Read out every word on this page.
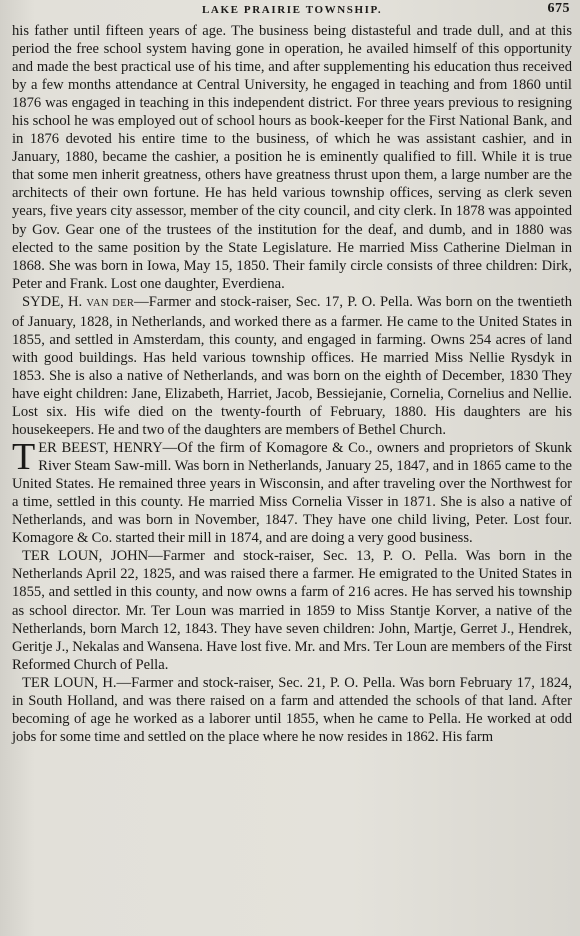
LAKE PRAIRIE TOWNSHIP.	675

his father until fifteen years of age. The business being distasteful and trade dull, and at this period the free school system having gone in operation, he availed himself of this opportunity and made the best practical use of his time, and after supplementing his education thus received by a few months attendance at Central University, he engaged in teaching and from 1860 until 1876 was engaged in teaching in this independent district. For three years previous to resigning his school he was employed out of school hours as book-keeper for the First National Bank, and in 1876 devoted his entire time to the business, of which he was assistant cashier, and in January, 1880, became the cashier, a position he is eminently qualified to fill. While it is true that some men inherit greatness, others have greatness thrust upon them, a large number are the architects of their own fortune. He has held various township offices, serving as clerk seven years, five years city assessor, member of the city council, and city clerk. In 1878 was appointed by Gov. Gear one of the trustees of the institution for the deaf, and dumb, and in 1880 was elected to the same position by the State Legislature. He married Miss Catherine Dielman in 1868. She was born in Iowa, May 15, 1850. Their family circle consists of three children: Dirk, Peter and Frank. Lost one daughter, Everdiena.

SYDE, H. VAN DER—Farmer and stock-raiser, Sec. 17, P. O. Pella. Was born on the twentieth of January, 1828, in Netherlands, and worked there as a farmer. He came to the United States in 1855, and settled in Amsterdam, this county, and engaged in farming. Owns 254 acres of land with good buildings. Has held various township offices. He married Miss Nellie Rysdyk in 1853. She is also a native of Netherlands, and was born on the eighth of December, 1830 They have eight children: Jane, Elizabeth, Harriet, Jacob, Bessiejanie, Cornelia, Cornelius and Nellie. Lost six. His wife died on the twenty-fourth of February, 1880. His daughters are his housekeepers. He and two of the daughters are members of Bethel Church.

TER BEEST, HENRY—Of the firm of Komagore & Co., owners and proprietors of Skunk River Steam Saw-mill. Was born in Netherlands, January 25, 1847, and in 1865 came to the United States. He remained three years in Wisconsin, and after traveling over the Northwest for a time, settled in this county. He married Miss Cornelia Visser in 1871. She is also a native of Netherlands, and was born in November, 1847. They have one child living, Peter. Lost four. Komagore & Co. started their mill in 1874, and are doing a very good business.

TER LOUN, JOHN—Farmer and stock-raiser, Sec. 13, P. O. Pella. Was born in the Netherlands April 22, 1825, and was raised there a farmer. He emigrated to the United States in 1855, and settled in this county, and now owns a farm of 216 acres. He has served his township as school director. Mr. Ter Loun was married in 1859 to Miss Stantje Korver, a native of the Netherlands, born March 12, 1843. They have seven children: John, Martje, Gerret J., Hendrek, Geritje J., Nekalas and Wansena. Have lost five. Mr. and Mrs. Ter Loun are members of the First Reformed Church of Pella.

TER LOUN, H.—Farmer and stock-raiser, Sec. 21, P. O. Pella. Was born February 17, 1824, in South Holland, and was there raised on a farm and attended the schools of that land. After becoming of age he worked as a laborer until 1855, when he came to Pella. He worked at odd jobs for some time and settled on the place where he now resides in 1862. His farm
